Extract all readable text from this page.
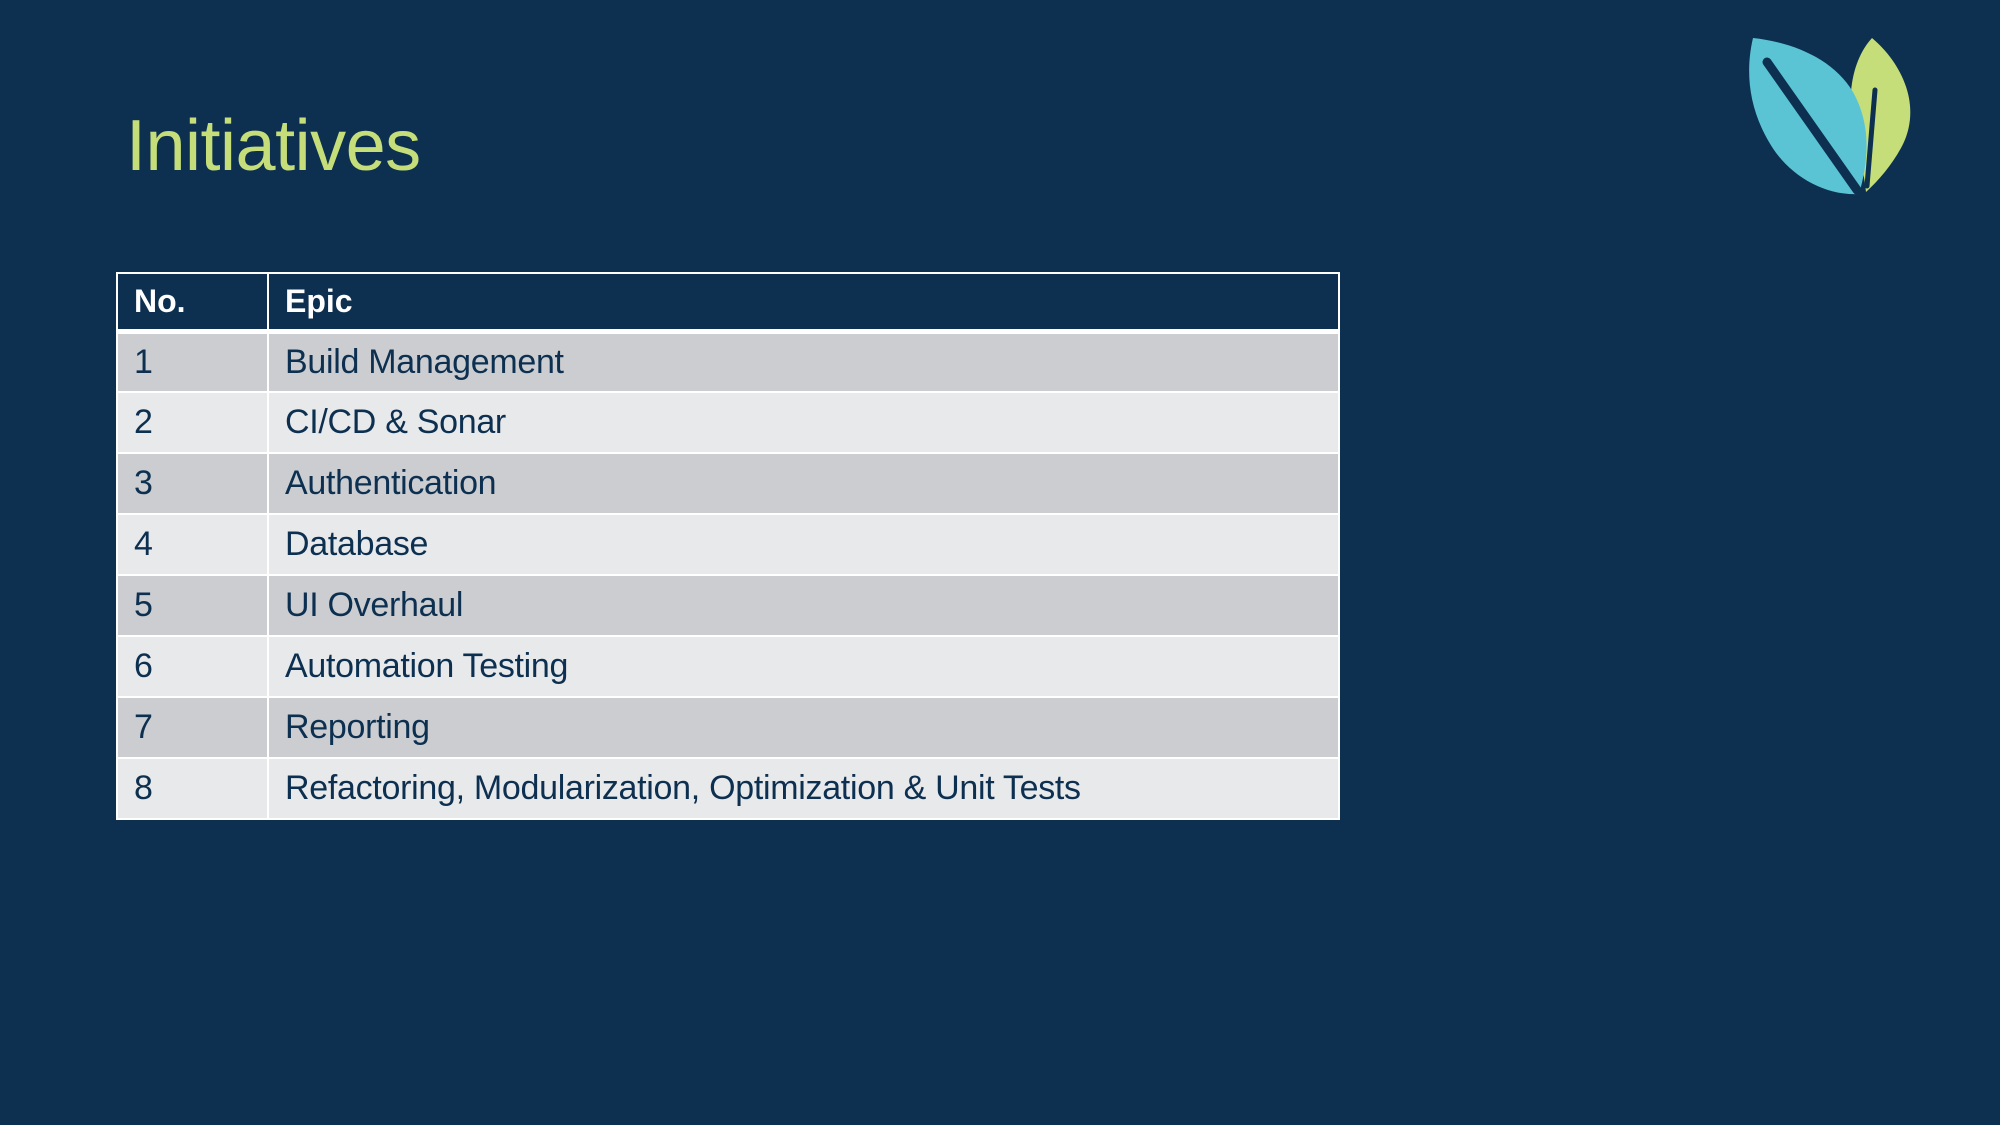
Initiatives
No.	Epic
1	Build Management
2	CI/CD & Sonar
3	Authentication
4	Database
5	UI Overhaul
6	Automation Testing
7	Reporting
8	Refactoring, Modularization, Optimization & Unit Tests
